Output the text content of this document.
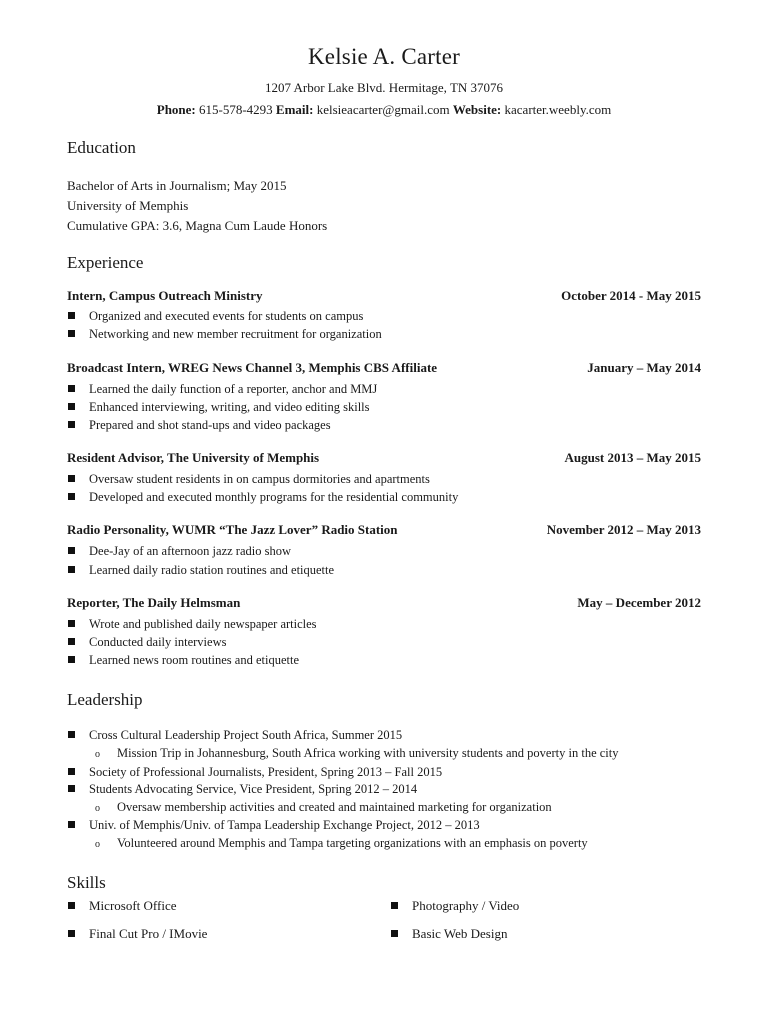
Kelsie A. Carter
1207 Arbor Lake Blvd. Hermitage, TN 37076
Phone: 615-578-4293 Email: kelsieacarter@gmail.com Website: kacarter.weebly.com
Education
Bachelor of Arts in Journalism; May 2015
University of Memphis
Cumulative GPA: 3.6, Magna Cum Laude Honors
Experience
Intern, Campus Outreach Ministry	October 2014 - May 2015
Organized and executed events for students on campus
Networking and new member recruitment for organization
Broadcast Intern, WREG News Channel 3, Memphis CBS Affiliate	January – May 2014
Learned the daily function of a reporter, anchor and MMJ
Enhanced interviewing, writing, and video editing skills
Prepared and shot stand-ups and video packages
Resident Advisor, The University of Memphis	August 2013 – May 2015
Oversaw student residents in on campus dormitories and apartments
Developed and executed monthly programs for the residential community
Radio Personality, WUMR “The Jazz Lover” Radio Station	November 2012 – May 2013
Dee-Jay of an afternoon jazz radio show
Learned daily radio station routines and etiquette
Reporter, The Daily Helmsman	May – December 2012
Wrote and published daily newspaper articles
Conducted daily interviews
Learned news room routines and etiquette
Leadership
Cross Cultural Leadership Project South Africa, Summer 2015
o Mission Trip in Johannesburg, South Africa working with university students and poverty in the city
Society of Professional Journalists, President, Spring 2013 – Fall 2015
Students Advocating Service, Vice President, Spring 2012 – 2014
o Oversaw membership activities and created and maintained marketing for organization
Univ. of Memphis/Univ. of Tampa Leadership Exchange Project, 2012 – 2013
o Volunteered around Memphis and Tampa targeting organizations with an emphasis on poverty
Skills
Microsoft Office	Photography / Video
Final Cut Pro / IMovie	Basic Web Design
